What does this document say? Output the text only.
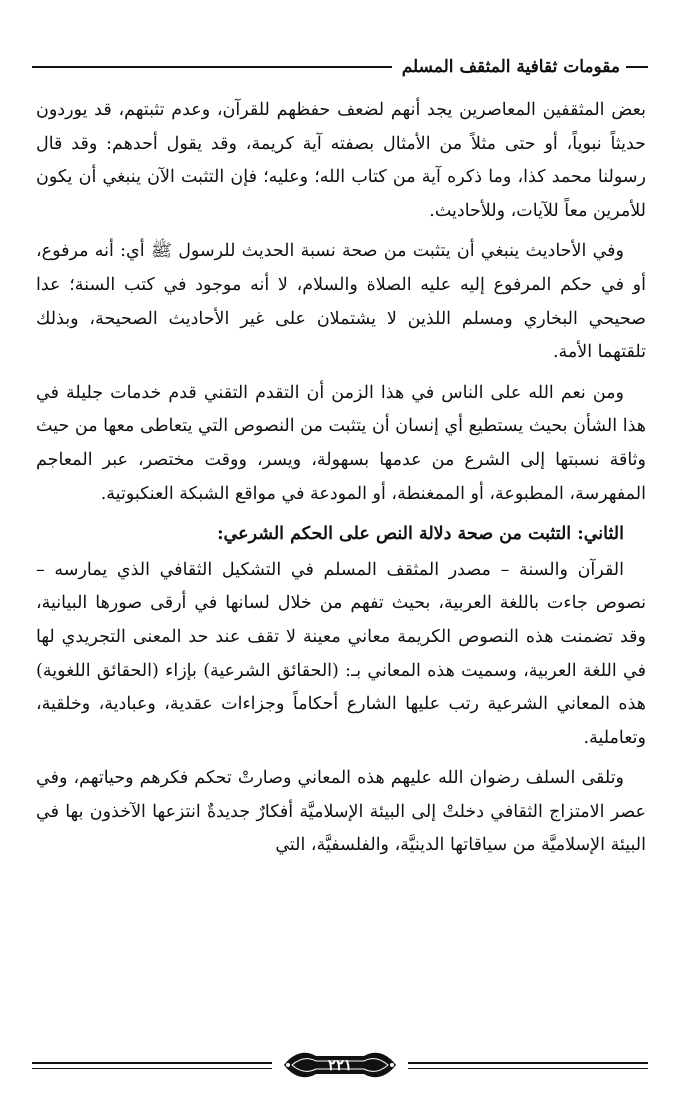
مقومات ثقافية المثقف المسلم

بعض المثقفين المعاصرين يجد أنهم لضعف حفظهم للقرآن، وعدم تثبتهم، قد يوردون حديثاً نبوياً، أو حتى مثلاً من الأمثال بصفته آية كريمة، وقد يقول أحدهم: وقد قال رسولنا محمد كذا، وما ذكره آية من كتاب الله؛ وعليه؛ فإن التثبت الآن ينبغي أن يكون للأمرين معاً للآيات، وللأحاديث.

وفي الأحاديث ينبغي أن يتثبت من صحة نسبة الحديث للرسول ﷺ أي: أنه مرفوع، أو في حكم المرفوع إليه عليه الصلاة والسلام، لا أنه موجود في كتب السنة؛ عدا صحيحي البخاري ومسلم اللذين لا يشتملان على غير الأحاديث الصحيحة، وبذلك تلقتهما الأمة.

ومن نعم الله على الناس في هذا الزمن أن التقدم التقني قدم خدمات جليلة في هذا الشأن بحيث يستطيع أي إنسان أن يتثبت من النصوص التي يتعاطى معها من حيث وثاقة نسبتها إلى الشرع من عدمها بسهولة، ويسر، ووقت مختصر، عبر المعاجم المفهرسة، المطبوعة، أو الممغنطة، أو المودعة في مواقع الشبكة العنكبوتية.

الثاني: التثبت من صحة دلالة النص على الحكم الشرعي:

القرآن والسنة – مصدر المثقف المسلم في التشكيل الثقافي الذي يمارسه – نصوص جاءت باللغة العربية، بحيث تفهم من خلال لسانها في أرقى صورها البيانية، وقد تضمنت هذه النصوص الكريمة معاني معينة لا تقف عند حد المعنى التجريدي لها في اللغة العربية، وسميت هذه المعاني بـ: (الحقائق الشرعية) بإزاء (الحقائق اللغوية) هذه المعاني الشرعية رتب عليها الشارع أحكاماً وجزاءات عقدية، وعبادية، وخلقية، وتعاملية.

وتلقى السلف رضوان الله عليهم هذه المعاني وصارتْ تحكم فكرهم وحياتهم، وفي عصر الامتزاج الثقافي دخلتْ إلى البيئة الإسلاميَّة أفكارٌ جديدةٌ انتزعها الآخذون بها في البيئة الإسلاميَّة من سياقاتها الدينيَّة، والفلسفيَّة، التي

٢٢١
